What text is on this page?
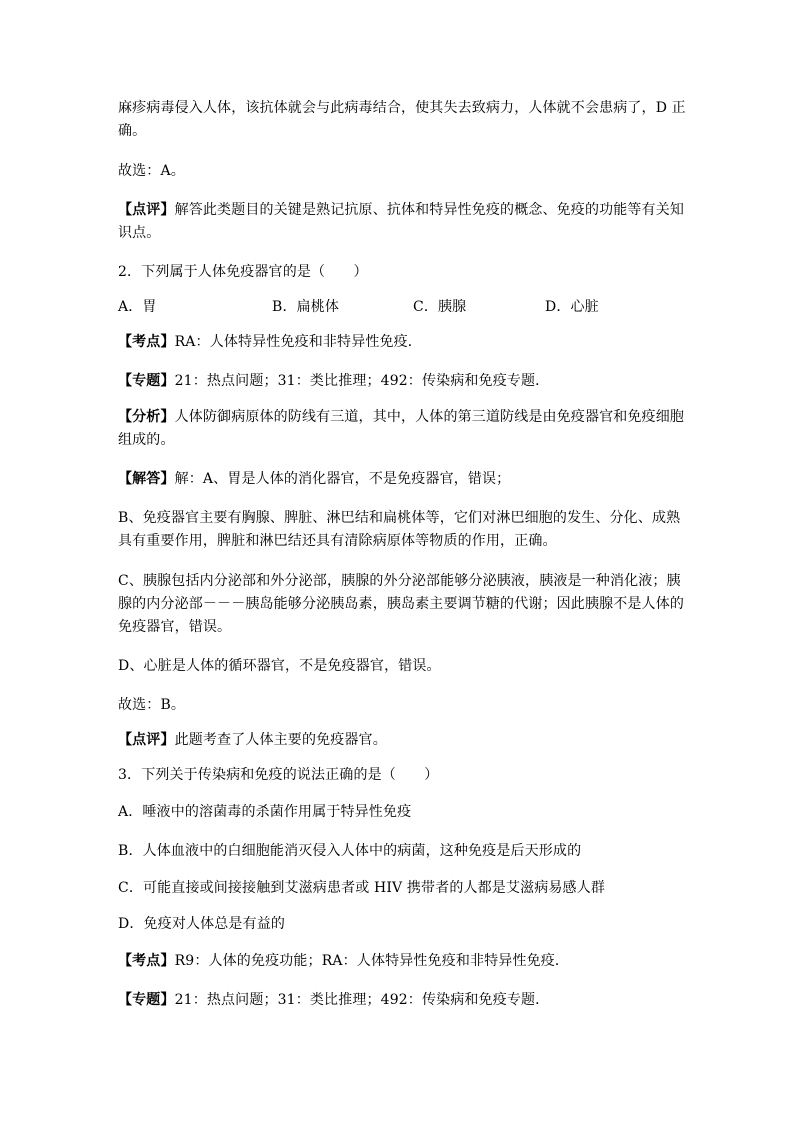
麻疹病毒侵入人体，该抗体就会与此病毒结合，使其失去致病力，人体就不会患病了，D 正
确。
故选：A。
【点评】解答此类题目的关键是熟记抗原、抗体和特异性免疫的概念、免疫的功能等有关知
识点。
2．下列属于人体免疫器官的是（　　）
A．胃	B．扁桃体	C．胰腺	D．心脏
【考点】RA：人体特异性免疫和非特异性免疫．
【专题】21：热点问题；31：类比推理；492：传染病和免疫专题．
【分析】人体防御病原体的防线有三道，其中，人体的第三道防线是由免疫器官和免疫细胞
组成的。
【解答】解：A、胃是人体的消化器官，不是免疫器官，错误；
B、免疫器官主要有胸腺、脾脏、淋巴结和扁桃体等，它们对淋巴细胞的发生、分化、成熟
具有重要作用，脾脏和淋巴结还具有清除病原体等物质的作用，正确。
C、胰腺包括内分泌部和外分泌部，胰腺的外分泌部能够分泌胰液，胰液是一种消化液；胰
腺的内分泌部－－－胰岛能够分泌胰岛素，胰岛素主要调节糖的代谢；因此胰腺不是人体的
免疫器官，错误。
D、心脏是人体的循环器官，不是免疫器官，错误。
故选：B。
【点评】此题考查了人体主要的免疫器官。
3．下列关于传染病和免疫的说法正确的是（　　）
A．唾液中的溶菌毒的杀菌作用属于特异性免疫
B．人体血液中的白细胞能消灭侵入人体中的病菌，这种免疫是后天形成的
C．可能直接或间接接触到艾滋病患者或 HIV 携带者的人都是艾滋病易感人群
D．免疫对人体总是有益的
【考点】R9：人体的免疫功能；RA：人体特异性免疫和非特异性免疫．
【专题】21：热点问题；31：类比推理；492：传染病和免疫专题．
